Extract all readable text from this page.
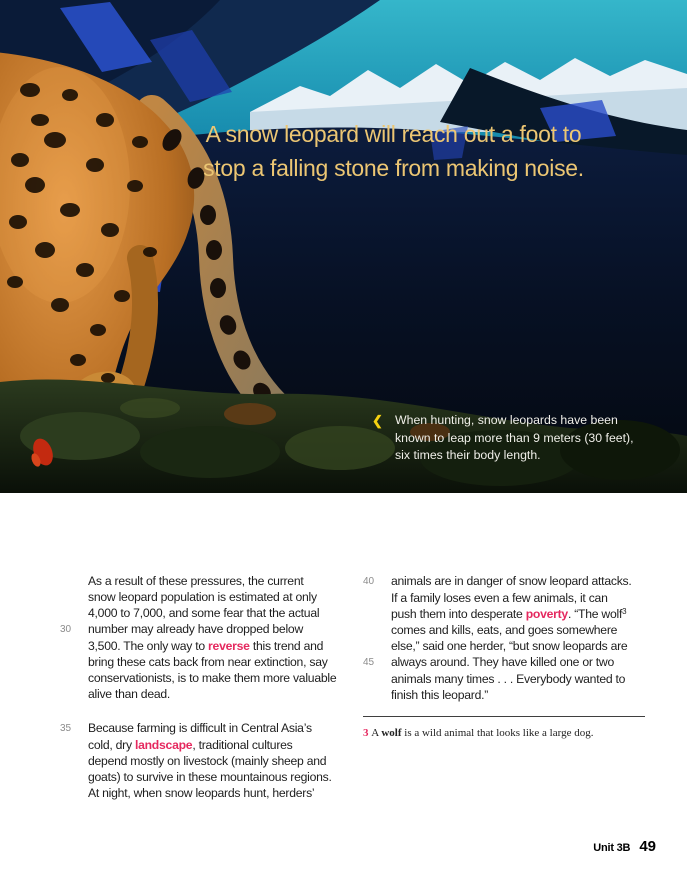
A snow leopard will reach out a foot to
stop a falling stone from making noise.
❮ When hunting, snow leopards have been
known to leap more than 9 meters (30 feet),
six times their body length.
As a result of these pressures, the current
snow leopard population is estimated at only
4,000 to 7,000, and some fear that the actual
30	number may already have dropped below
3,500. The only way to reverse this trend and
bring these cats back from near extinction, say
conservationists, is to make them more valuable
alive than dead.
35	Because farming is difficult in Central Asia’s
cold, dry landscape, traditional cultures
depend mostly on livestock (mainly sheep and
goats) to survive in these mountainous regions.
At night, when snow leopards hunt, herders’
40	animals are in danger of snow leopard attacks.
If a family loses even a few animals, it can
push them into desperate poverty. “The wolf$^3$
comes and kills, eats, and goes somewhere
else,” said one herder, “but snow leopards are
45	always around. They have killed one or two
animals many times . . . Everybody wanted to
finish this leopard.”
3 A wolf is a wild animal that looks like a large dog.
Unit 3B 49
